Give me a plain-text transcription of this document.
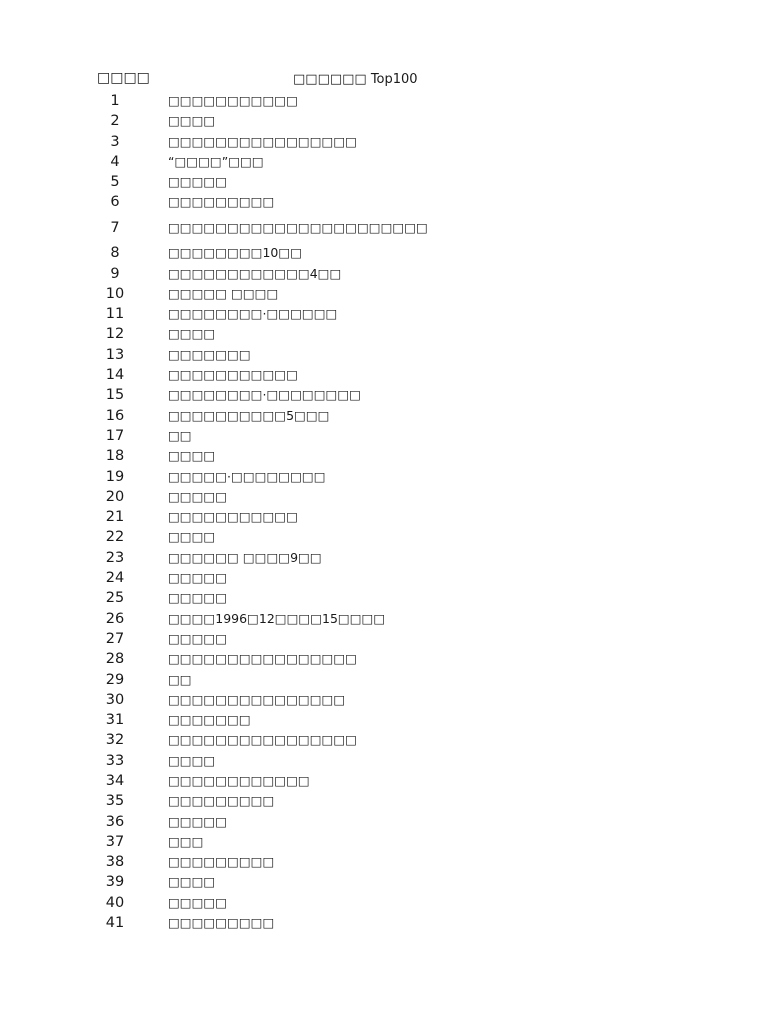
□□□□	□□□□□□ Top100
1	□□□□□□□□□□□
2	□□□□
3	□□□□□□□□□□□□□□□□
4	“□□□□”□□□
5	□□□□□
6	□□□□□□□□□
7	□□□□□□□□□□□□□□□□□□□□□□
8	□□□□□□□□10□□
9	□□□□□□□□□□□□4□□
10	□□□□□ □□□□
11	□□□□□□□□·□□□□□□
12	□□□□
13	□□□□□□□
14	□□□□□□□□□□□
15	□□□□□□□□·□□□□□□□□
16	□□□□□□□□□□5□□□
17	□□
18	□□□□
19	□□□□□·□□□□□□□□
20	□□□□□
21	□□□□□□□□□□□
22	□□□□
23	□□□□□□ □□□□9□□
24	□□□□□
25	□□□□□
26	□□□□1996□12□□□□15□□□□
27	□□□□□
28	□□□□□□□□□□□□□□□□
29	□□
30	□□□□□□□□□□□□□□□
31	□□□□□□□
32	□□□□□□□□□□□□□□□□
33	□□□□
34	□□□□□□□□□□□□
35	□□□□□□□□□
36	□□□□□
37	□□□
38	□□□□□□□□□
39	□□□□
40	□□□□□
41	□□□□□□□□□
